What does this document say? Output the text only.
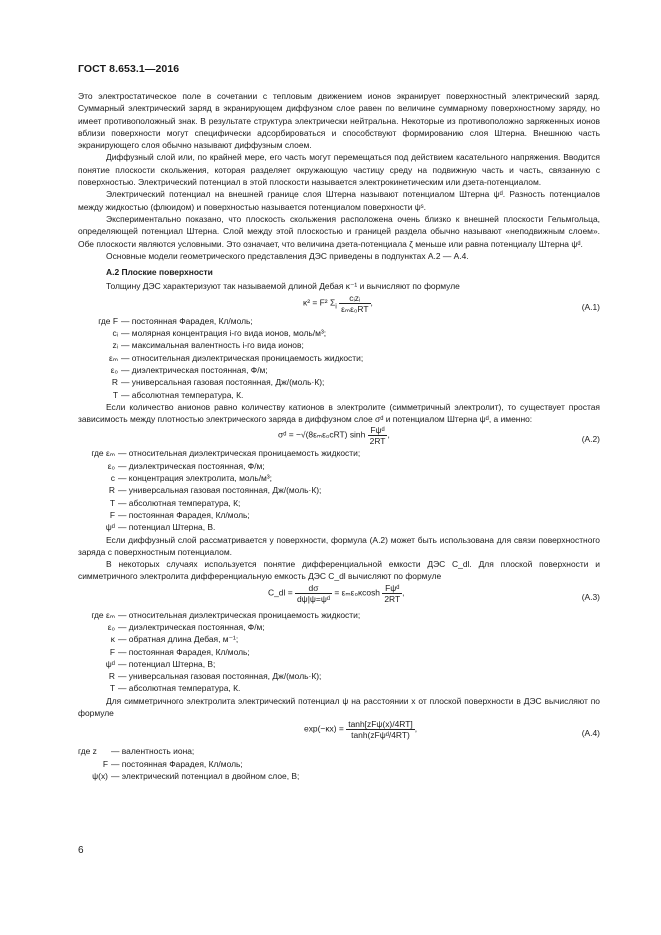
ГОСТ 8.653.1—2016

Это электростатическое поле в сочетании с тепловым движением ионов экранирует поверхностный электрический заряд. Суммарный электрический заряд в экранирующем диффузном слое равен по величине суммарному поверхностному заряду, но имеет противоположный знак. В результате структура электрически нейтральна. Некоторые из противоположно заряженных ионов вблизи поверхности могут специфически адсорбироваться и способствуют формированию слоя Штерна. Внешнюю часть экранирующего слоя обычно называют диффузным слоем.

Диффузный слой или, по крайней мере, его часть могут перемещаться под действием касательного напряжения. Вводится понятие плоскости скольжения, которая разделяет окружающую частицу среду на подвижную часть и часть, связанную с поверхностью. Электрический потенциал в этой плоскости называется электрокинетическим или дзета-потенциалом.

Электрический потенциал на внешней границе слоя Штерна называют потенциалом Штерна ψᵈ. Разность потенциалов между жидкостью (флюидом) и поверхностью называется потенциалом поверхности ψˢ.

Экспериментально показано, что плоскость скольжения расположена очень близко к внешней плоскости Гельмгольца, определяющей потенциал Штерна. Слой между этой плоскостью и границей раздела обычно называют «неподвижным слоем». Обе плоскости являются условными. Это означает, что величина дзета-потенциала ζ меньше или равна потенциалу Штерна ψᵈ.

Основные модели геометрического представления ДЭС приведены в подпунктах А.2 — А.4.

А.2 Плоские поверхности

Толщину ДЭС характеризуют так называемой длиной Дебая κ⁻¹ и вычисляют по формуле

κ² = F² $\Sigma_i \frac{\text{cᵢzᵢ}}{\text{εₘε₀RT}}$ ,	(А.1)
где F — постоянная Фарадея, Кл/моль;
cᵢ — молярная концентрация i-го вида ионов, моль/м³;
zᵢ — максимальная валентность i-го вида ионов;
εₘ — относительная диэлектрическая проницаемость жидкости;
ε₀ — диэлектрическая постоянная, Ф/м;
R — универсальная газовая постоянная, Дж/(моль·К);
T — абсолютная температура, К.

Если количество анионов равно количеству катионов в электролите (симметричный электролит), то существует простая зависимость между плотностью электрического заряда в диффузном слое σᵈ и потенциалом Штерна ψᵈ, а именно:

σᵈ = −√(8εₘε₀cRT) $\sinh \frac{\text{Fψᵈ}}{2RT}$ ,	(А.2)
где εₘ — относительная диэлектрическая проницаемость жидкости;
ε₀ — диэлектрическая постоянная, Ф/м;
c — концентрация электролита, моль/м³;
R — универсальная газовая постоянная, Дж/(моль·К);
T — абсолютная температура, К;
F — постоянная Фарадея, Кл/моль;
ψᵈ — потенциал Штерна, В.

Если диффузный слой рассматривается у поверхности, формула (А.2) может быть использована для связи поверхностного заряда с поверхностным потенциалом.

В некоторых случаях используется понятие дифференциальной емкости ДЭС C_dl. Для плоской поверхности и симметричного электролита дифференциальную емкость ДЭС C_dl вычисляют по формуле

C_dl = $\frac{d\sigma}{\text{dψ|ψ=ψᵈ}} = \varepsilon_m\varepsilon_0\kappa\cosh \frac{\text{Fψᵈ}}{2RT}$ ,	(А.3)
где εₘ — относительная диэлектрическая проницаемость жидкости;
ε₀ — диэлектрическая постоянная, Ф/м;
κ — обратная длина Дебая, м⁻¹;
F — постоянная Фарадея, Кл/моль;
ψᵈ — потенциал Штерна, В;
R — универсальная газовая постоянная, Дж/(моль·К);
T — абсолютная температура, К.

Для симметричного электролита электрический потенциал ψ на расстоянии x от плоской поверхности в ДЭС вычисляют по формуле

$\exp(-\kappa x) = \frac{\text{tanh[zFψ(x)/4RT]}}{\text{tanh(zFψᵈ/4RT)}}$ ,	(А.4)
где z	— валентность иона;
F — постоянная Фарадея, Кл/моль;
ψ(x) — электрический потенциал в двойном слое, В;
6
